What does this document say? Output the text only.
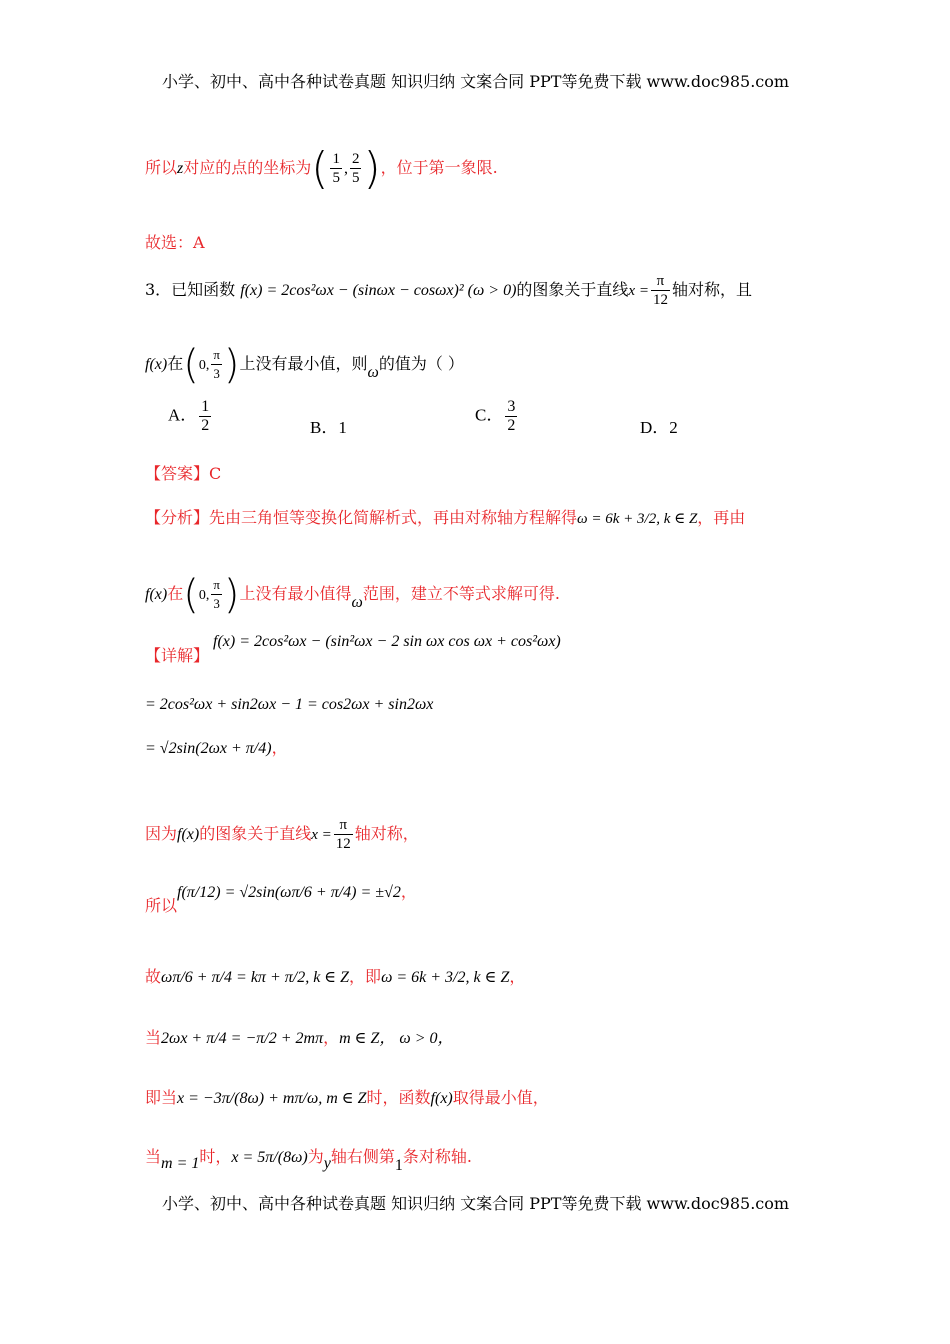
小学、初中、高中各种试卷真题 知识归纳 文案合同 PPT等免费下载 www.doc985.com
所以z对应的点的坐标为( $\frac{1}{5}$ , $\frac{2}{5}$ )，位于第一象限.
故选：A
3．已知函数 f(x) = 2cos²ωx − (sinωx − cosωx)² (ω > 0)的图象关于直线$x = \frac{\pi}{12}$ 轴对称，且
f(x)在(0, $\frac{\pi}{3}$ )上没有最小值，则ω的值为（ ）
A． $\frac{1}{2}$	B．1
C． $\frac{3}{2}$	D．2
【答案】C
【分析】先由三角恒等变换化简解析式，再由对称轴方程解得ω = 6k + 3/2, k ∈ Z，再由
f(x)在(0, $\frac{\pi}{3}$ )上没有最小值得ω范围，建立不等式求解可得.
f(x) = 2cos²ωx − (sin²ωx − 2 sin ωx cos ωx + cos²ωx)
【详解】
= 2cos²ωx + sin2ωx − 1 = cos2ωx + sin2ωx
= √2sin(2ωx + π/4)，
因为f(x)的图象关于直线$x = \frac{\pi}{12}$ 轴对称，
所以f(π/12) = √2sin(ωπ/6 + π/4) = ±√2，
故ωπ/6 + π/4 = kπ + π/2, k ∈ Z，即ω = 6k + 3/2, k ∈ Z，
当2ωx + π/4 = −π/2 + 2mπ，m ∈ Z， ω > 0，
即当x = −3π/(8ω) + mπ/ω, m ∈ Z时，函数f(x)取得最小值，
当m = 1时，x = 5π/(8ω)为y轴右侧第1条对称轴.
小学、初中、高中各种试卷真题 知识归纳 文案合同 PPT等免费下载 www.doc985.com
